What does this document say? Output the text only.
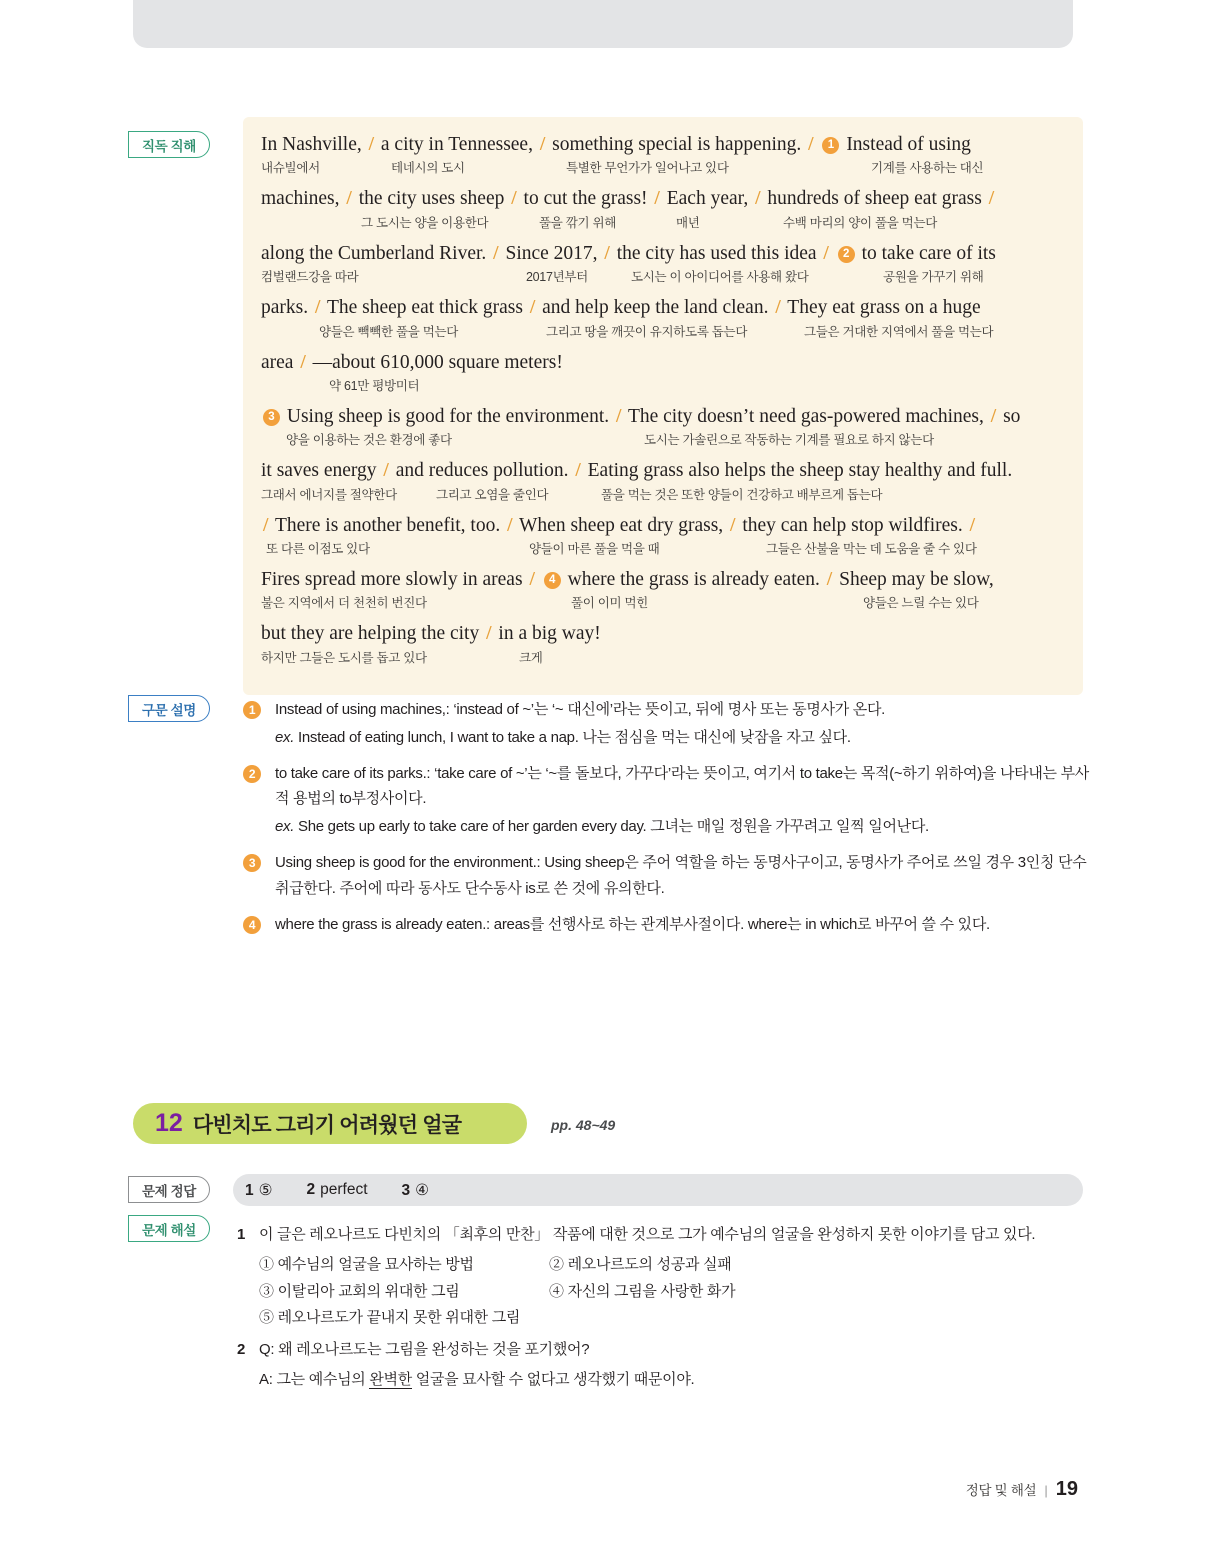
직독 직해
구문 설명
문제 정답
문제 해설
In Nashville, / a city in Tennessee, / something special is happening. / 1 Instead of using
내슈빌에서	테네시의 도시	특별한 무언가가 일어나고 있다	기계를 사용하는 대신
machines, / the city uses sheep / to cut the grass! / Each year, / hundreds of sheep eat grass /
그 도시는 양을 이용한다	풀을 깎기 위해	매년	수백 마리의 양이 풀을 먹는다
along the Cumberland River. / Since 2017, / the city has used this idea / 2 to take care of its
컴벌랜드강을 따라	2017년부터	도시는 이 아이디어를 사용해 왔다	공원을 가꾸기 위해
parks. / The sheep eat thick grass / and help keep the land clean. / They eat grass on a huge
양들은 빽빽한 풀을 먹는다	그리고 땅을 깨끗이 유지하도록 돕는다	그들은 거대한 지역에서 풀을 먹는다
area / —about 610,000 square meters!
약 61만 평방미터
3 Using sheep is good for the environment. / The city doesn’t need gas-powered machines, / so
양을 이용하는 것은 환경에 좋다	도시는 가솔린으로 작동하는 기계를 필요로 하지 않는다
it saves energy / and reduces pollution. / Eating grass also helps the sheep stay healthy and full.
그래서 에너지를 절약한다	그리고 오염을 줄인다	풀을 먹는 것은 또한 양들이 건강하고 배부르게 돕는다
/ There is another benefit, too. / When sheep eat dry grass, / they can help stop wildfires. /
또 다른 이점도 있다	양들이 마른 풀을 먹을 때	그들은 산불을 막는 데 도움을 줄 수 있다
Fires spread more slowly in areas / 4 where the grass is already eaten. / Sheep may be slow,
불은 지역에서 더 천천히 번진다	풀이 이미 먹힌	양들은 느릴 수는 있다
but they are helping the city / in a big way!
하지만 그들은 도시를 돕고 있다	크게
1	Instead of using machines,: ‘instead of ~’는 ‘~ 대신에’라는 뜻이고, 뒤에 명사 또는 동명사가 온다.
ex. Instead of eating lunch, I want to take a nap. 나는 점심을 먹는 대신에 낮잠을 자고 싶다.
2	to take care of its parks.: ‘take care of ~’는 ‘~를 돌보다, 가꾸다’라는 뜻이고, 여기서 to take는 목적(~하기 위하여)을 나타내는 부사적 용법의 to부정사이다.
ex. She gets up early to take care of her garden every day. 그녀는 매일 정원을 가꾸려고 일찍 일어난다.
3	Using sheep is good for the environment.: Using sheep은 주어 역할을 하는 동명사구이고, 동명사가 주어로 쓰일 경우 3인칭 단수 취급한다. 주어에 따라 동사도 단수동사 is로 쓴 것에 유의한다.
4	where the grass is already eaten.: areas를 선행사로 하는 관계부사절이다. where는 in which로 바꾸어 쓸 수 있다.
12 다빈치도 그리기 어려웠던 얼굴	pp. 48~49
1 ⑤ 2 perfect 3 ④
1 이 글은 레오나르도 다빈치의 「최후의 만찬」 작품에 대한 것으로 그가 예수님의 얼굴을 완성하지 못한 이야기를 담고 있다.
① 예수님의 얼굴을 묘사하는 방법	② 레오나르도의 성공과 실패
③ 이탈리아 교회의 위대한 그림	④ 자신의 그림을 사랑한 화가
⑤ 레오나르도가 끝내지 못한 위대한 그림
2 Q: 왜 레오나르도는 그림을 완성하는 것을 포기했어?
A: 그는 예수님의 완벽한 얼굴을 묘사할 수 없다고 생각했기 때문이야.
정답 및 해설 | 19
